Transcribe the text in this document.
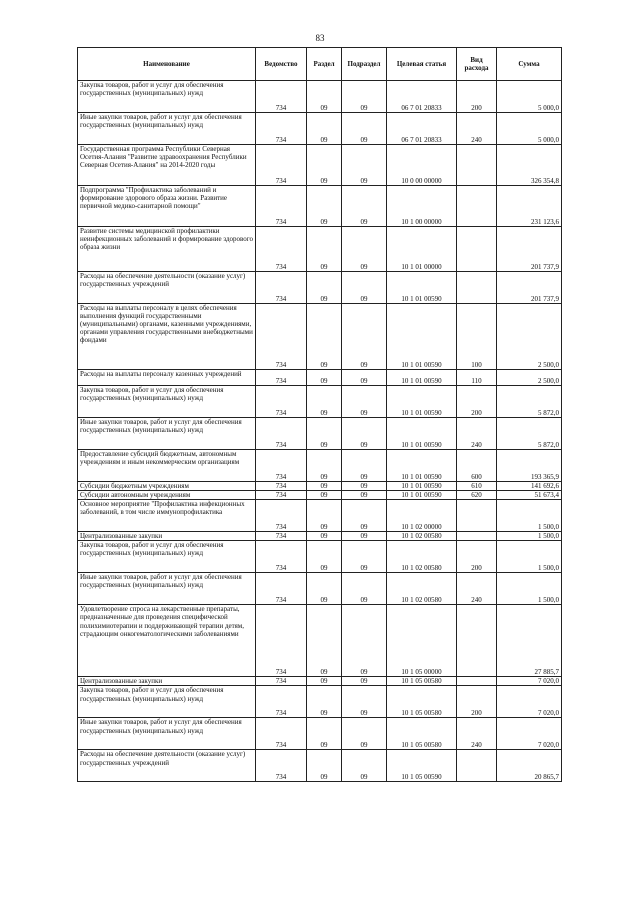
83
Наименование	Ведомство	Раздел	Подраздел	Целевая статья	Вид расхода	Сумма
Закупка товаров, работ и услуг для обеспечения государственных (муниципальных) нужд	734	09	09	06 7 01 20833	200	5 000,0
Иные закупки товаров, работ и услуг для обеспечения государственных (муниципальных) нужд	734	09	09	06 7 01 20833	240	5 000,0
Государственная программа Республики Северная Осетия-Алания "Развитие здравоохранения Республики Северная Осетия-Алания" на 2014-2020 годы	734	09	09	10 0 00 00000		326 354,8
Подпрограмма "Профилактика заболеваний и формирование здорового образа жизни. Развитие первичной медико-санитарной помощи"	734	09	09	10 1 00 00000		231 123,6
Развитие системы медицинской профилактики неинфекционных заболеваний и формирование здорового образа жизни	734	09	09	10 1 01 00000		201 737,9
Расходы на обеспечение деятельности (оказание услуг) государственных учреждений	734	09	09	10 1 01 00590		201 737,9
Расходы на выплаты персоналу в целях обеспечения выполнения функций государственными (муниципальными) органами, казенными учреждениями, органами управления государственными внебюджетными фондами	734	09	09	10 1 01 00590	100	2 500,0
Расходы на выплаты персоналу казенных учреждений	734	09	09	10 1 01 00590	110	2 500,0
Закупка товаров, работ и услуг для обеспечения государственных (муниципальных) нужд	734	09	09	10 1 01 00590	200	5 872,0
Иные закупки товаров, работ и услуг для обеспечения государственных (муниципальных) нужд	734	09	09	10 1 01 00590	240	5 872,0
Предоставление субсидий бюджетным, автономным учреждениям и иным некоммерческим организациям	734	09	09	10 1 01 00590	600	193 365,9
Субсидии бюджетным учреждениям	734	09	09	10 1 01 00590	610	141 692,6
Субсидии автономным учреждениям	734	09	09	10 1 01 00590	620	51 673,4
Основное мероприятие "Профилактика инфекционных заболеваний, в том числе иммунопрофилактика	734	09	09	10 1 02 00000		1 500,0
Централизованные закупки	734	09	09	10 1 02 00580		1 500,0
Закупка товаров, работ и услуг для обеспечения государственных (муниципальных) нужд	734	09	09	10 1 02 00580	200	1 500,0
Иные закупки товаров, работ и услуг для обеспечения государственных (муниципальных) нужд	734	09	09	10 1 02 00580	240	1 500,0
Удовлетворение спроса на лекарственные препараты, предназначенные для проведения специфической полихимиотерапии и поддерживающей терапии детям, страдающим онкогематологическими заболеваниями	734	09	09	10 1 05 00000		27 885,7
Централизованные закупки	734	09	09	10 1 05 00580		7 020,0
Закупка товаров, работ и услуг для обеспечения государственных (муниципальных) нужд	734	09	09	10 1 05 00580	200	7 020,0
Иные закупки товаров, работ и услуг для обеспечения государственных (муниципальных) нужд	734	09	09	10 1 05 00580	240	7 020,0
Расходы на обеспечение деятельности (оказание услуг) государственных учреждений	734	09	09	10 1 05 00590		20 865,7
